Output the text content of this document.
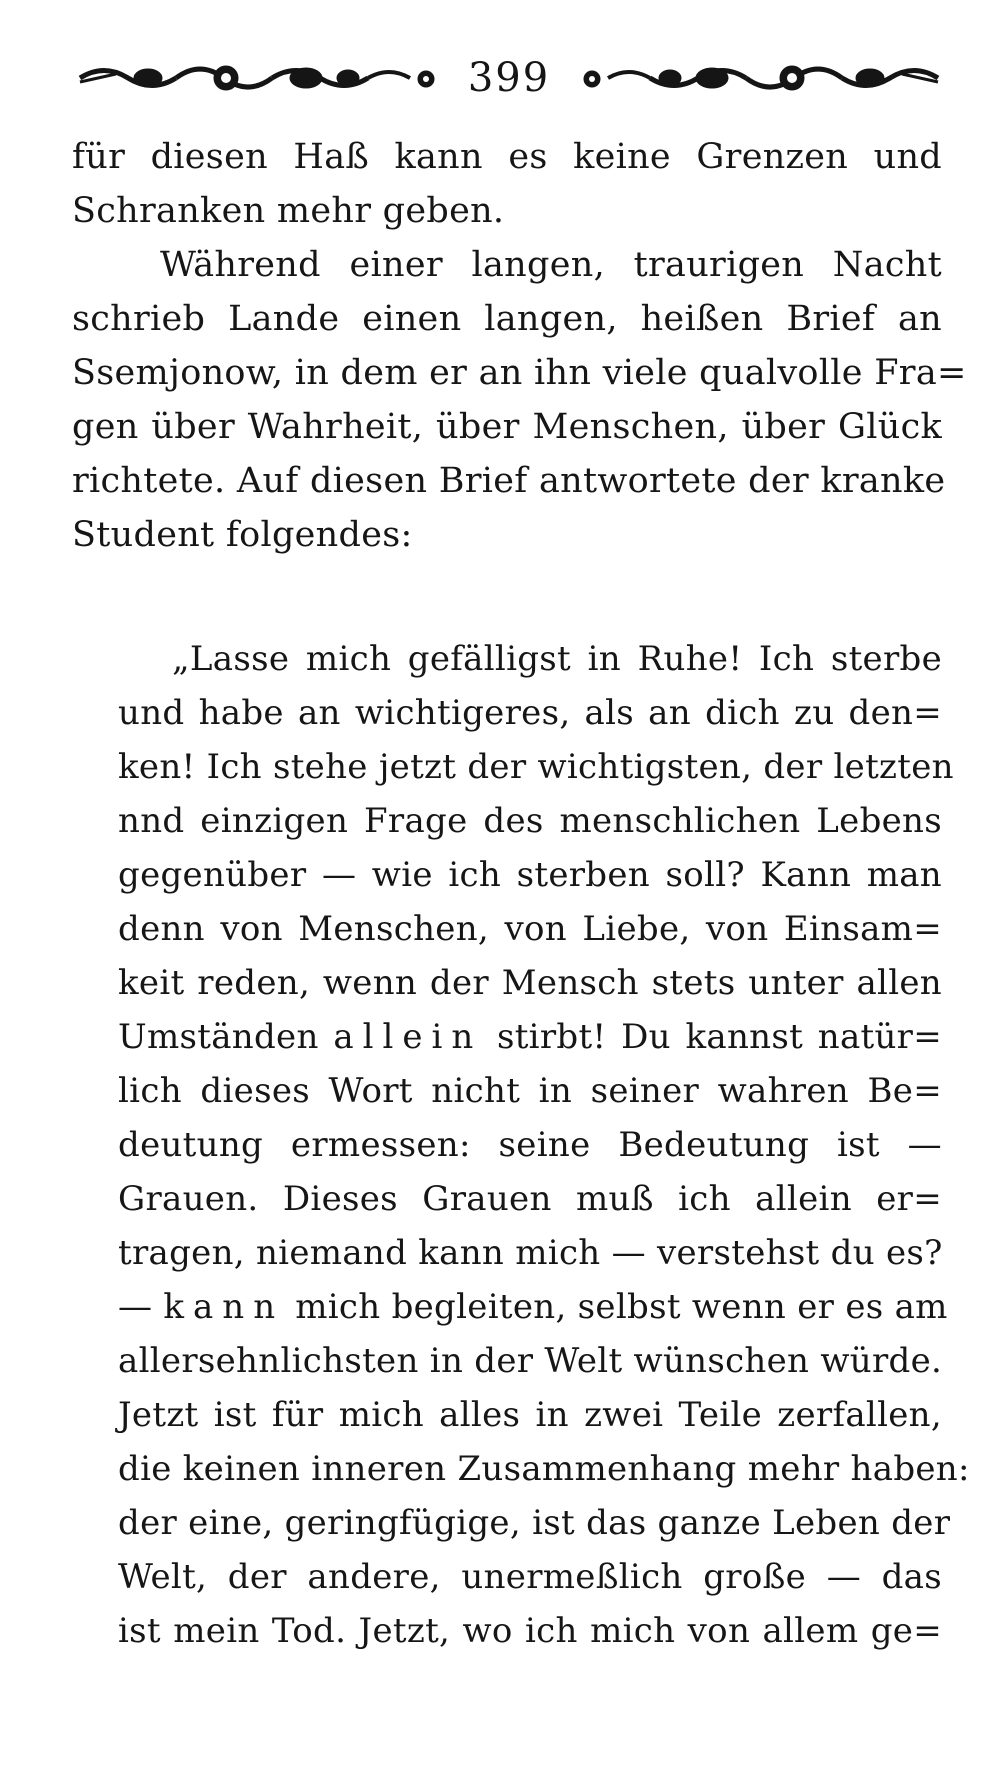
399
für diesen Haß kann es keine Grenzen und
Schranken mehr geben.
Während einer langen, traurigen Nacht
schrieb Lande einen langen, heißen Brief an
Ssemjonow, in dem er an ihn viele qualvolle Fra=
gen über Wahrheit, über Menschen, über Glück
richtete. Auf diesen Brief antwortete der kranke
Student folgendes:
„Lasse mich gefälligst in Ruhe! Ich sterbe
und habe an wichtigeres, als an dich zu den=
ken! Ich stehe jetzt der wichtigsten, der letzten
nnd einzigen Frage des menschlichen Lebens
gegenüber — wie ich sterben soll? Kann man
denn von Menschen, von Liebe, von Einsam=
keit reden, wenn der Mensch stets unter allen
Umständen allein stirbt! Du kannst natür=
lich dieses Wort nicht in seiner wahren Be=
deutung ermessen: seine Bedeutung ist —
Grauen. Dieses Grauen muß ich allein er=
tragen, niemand kann mich — verstehst du es?
— kann mich begleiten, selbst wenn er es am
allersehnlichsten in der Welt wünschen würde.
Jetzt ist für mich alles in zwei Teile zerfallen,
die keinen inneren Zusammenhang mehr haben:
der eine, geringfügige, ist das ganze Leben der
Welt, der andere, unermeßlich große — das
ist mein Tod. Jetzt, wo ich mich von allem ge=
